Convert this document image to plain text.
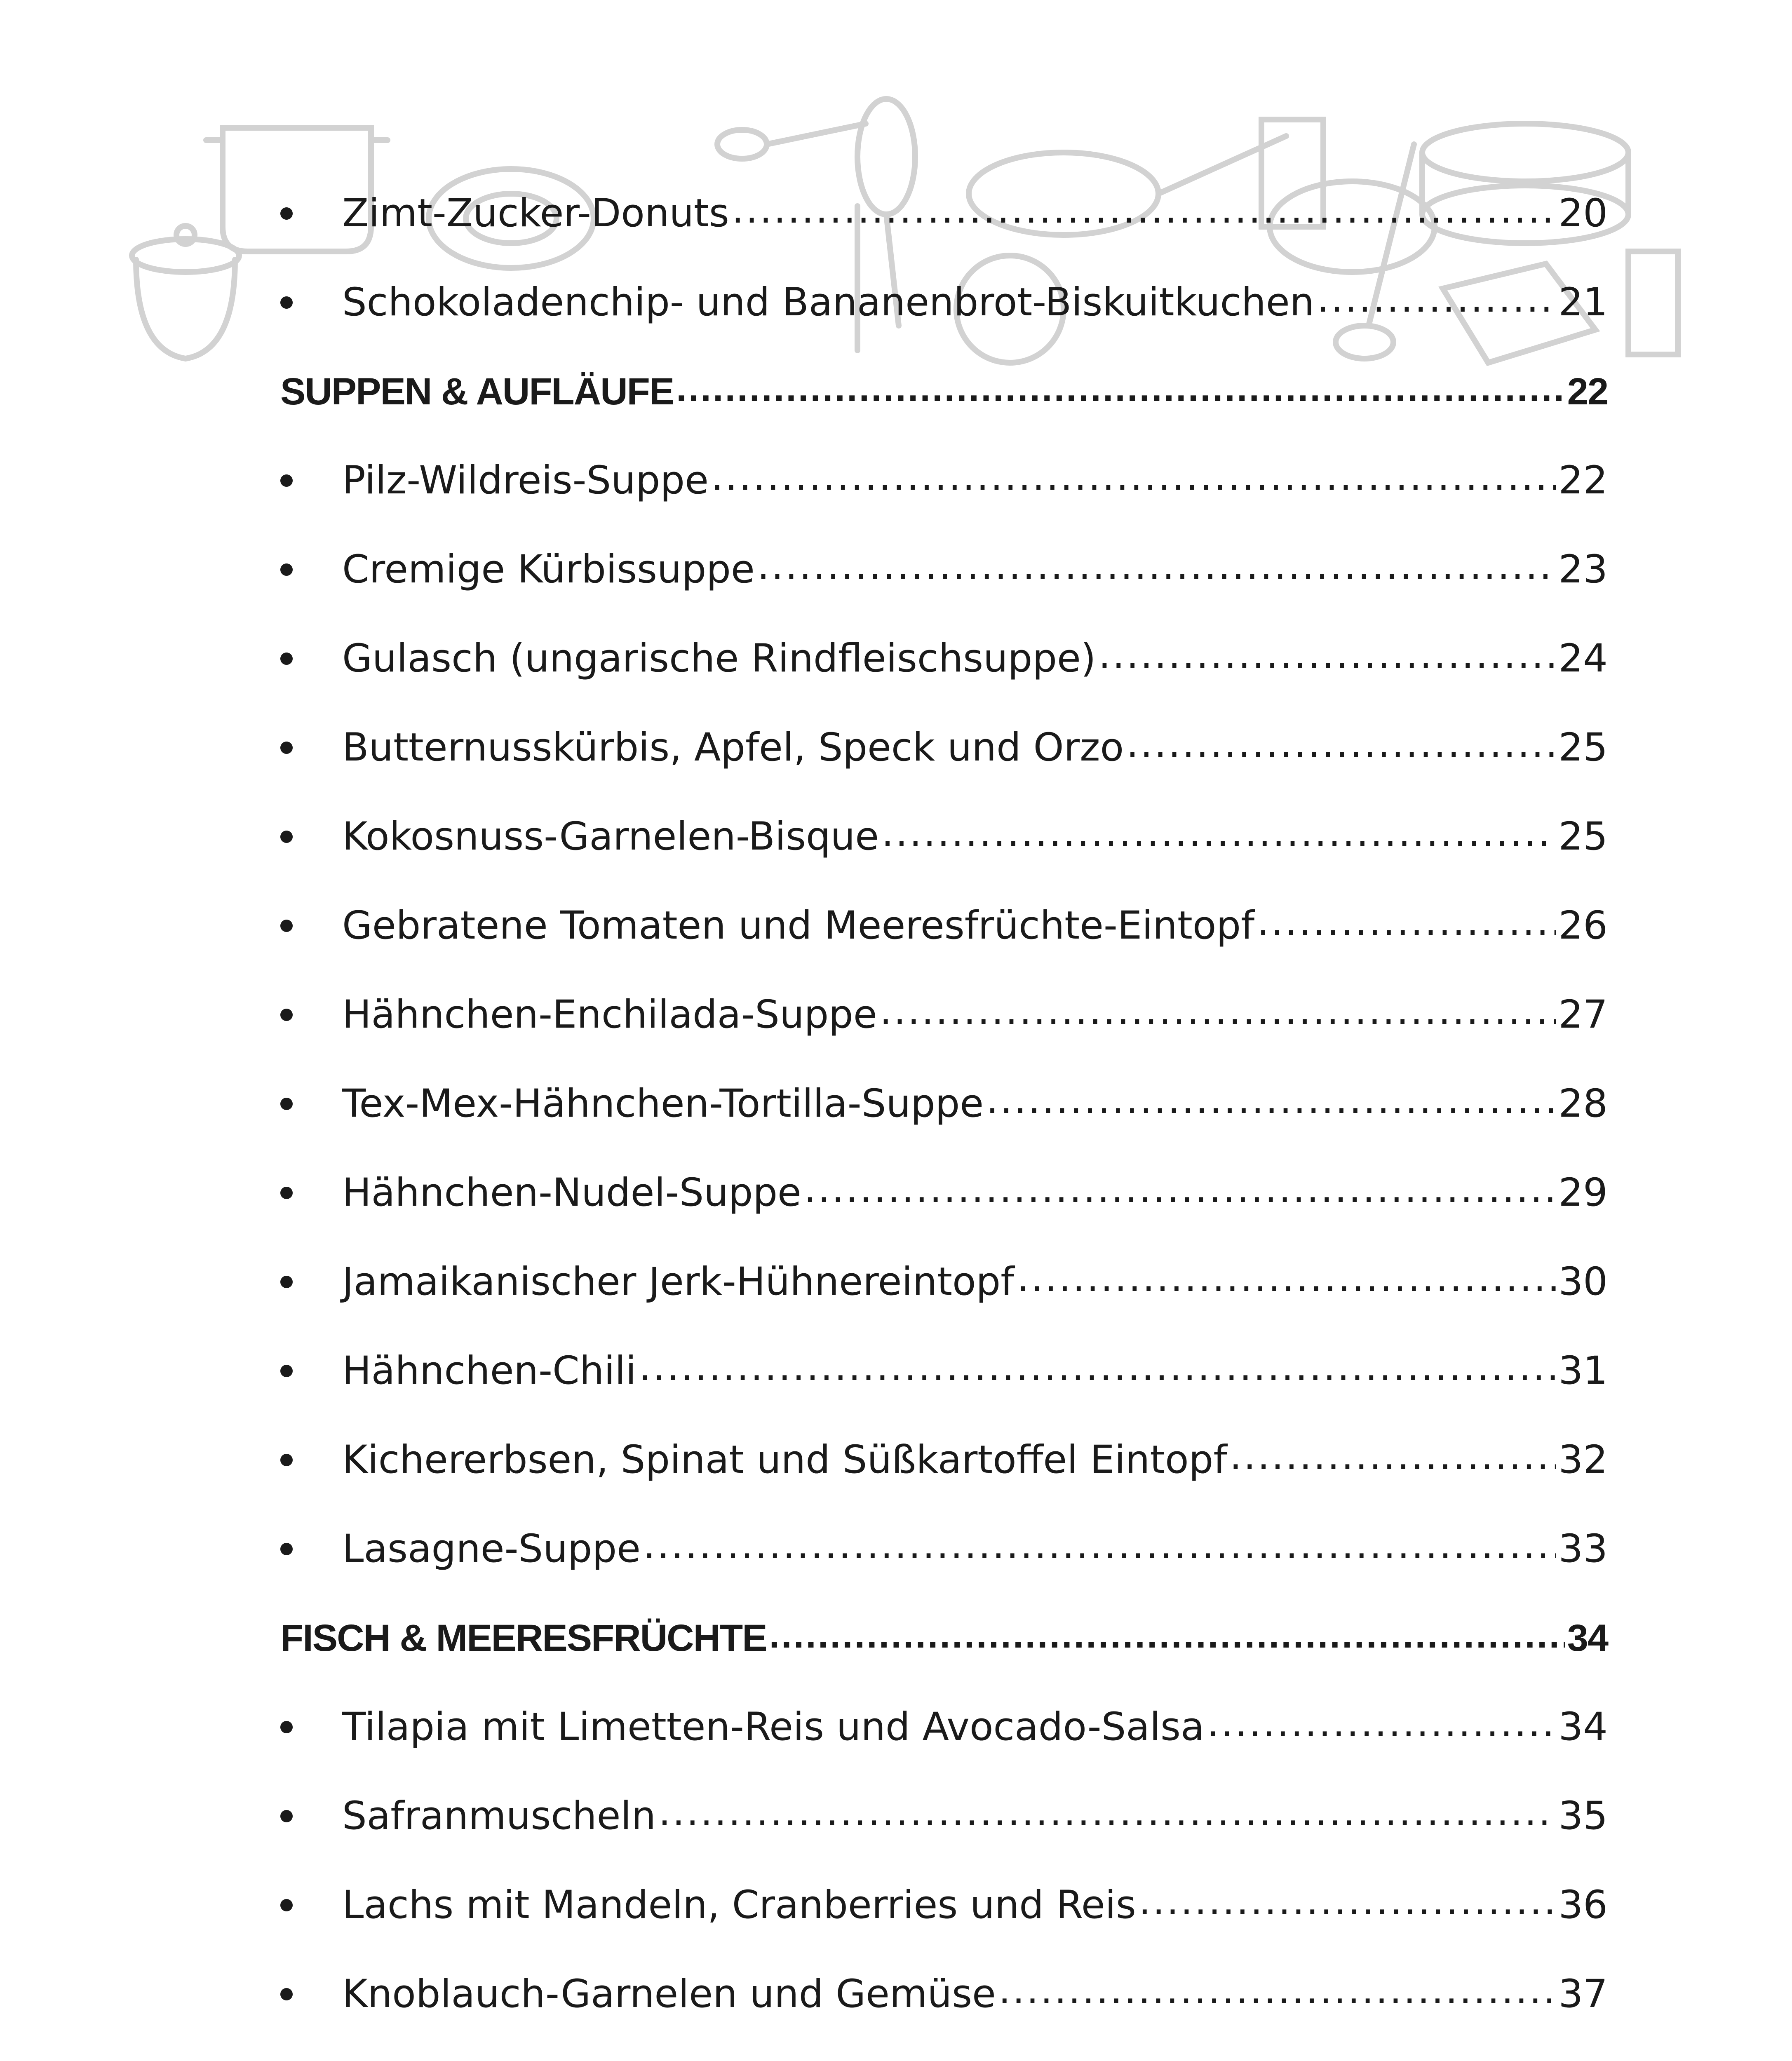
Zimt-Zucker-Donuts .....	20
Schokoladenchip- und Bananenbrot-Biskuitkuchen .....	21
SUPPEN & AUFLÄUFE .....	22
Pilz-Wildreis-Suppe .....	22
Cremige Kürbissuppe .....	23
Gulasch (ungarische Rindfleischsuppe) .....	24
Butternusskürbis, Apfel, Speck und Orzo .....	25
Kokosnuss-Garnelen-Bisque .....	25
Gebratene Tomaten und Meeresfrüchte-Eintopf .....	26
Hähnchen-Enchilada-Suppe .....	27
Tex-Mex-Hähnchen-Tortilla-Suppe .....	28
Hähnchen-Nudel-Suppe .....	29
Jamaikanischer Jerk-Hühnereintopf .....	30
Hähnchen-Chili .....	31
Kichererbsen, Spinat und Süßkartoffel Eintopf .....	32
Lasagne-Suppe .....	33
FISCH & MEERESFRÜCHTE .....	34
Tilapia mit Limetten-Reis und Avocado-Salsa .....	34
Safranmuscheln .....	35
Lachs mit Mandeln, Cranberries und Reis .....	36
Knoblauch-Garnelen und Gemüse .....	37
.....
